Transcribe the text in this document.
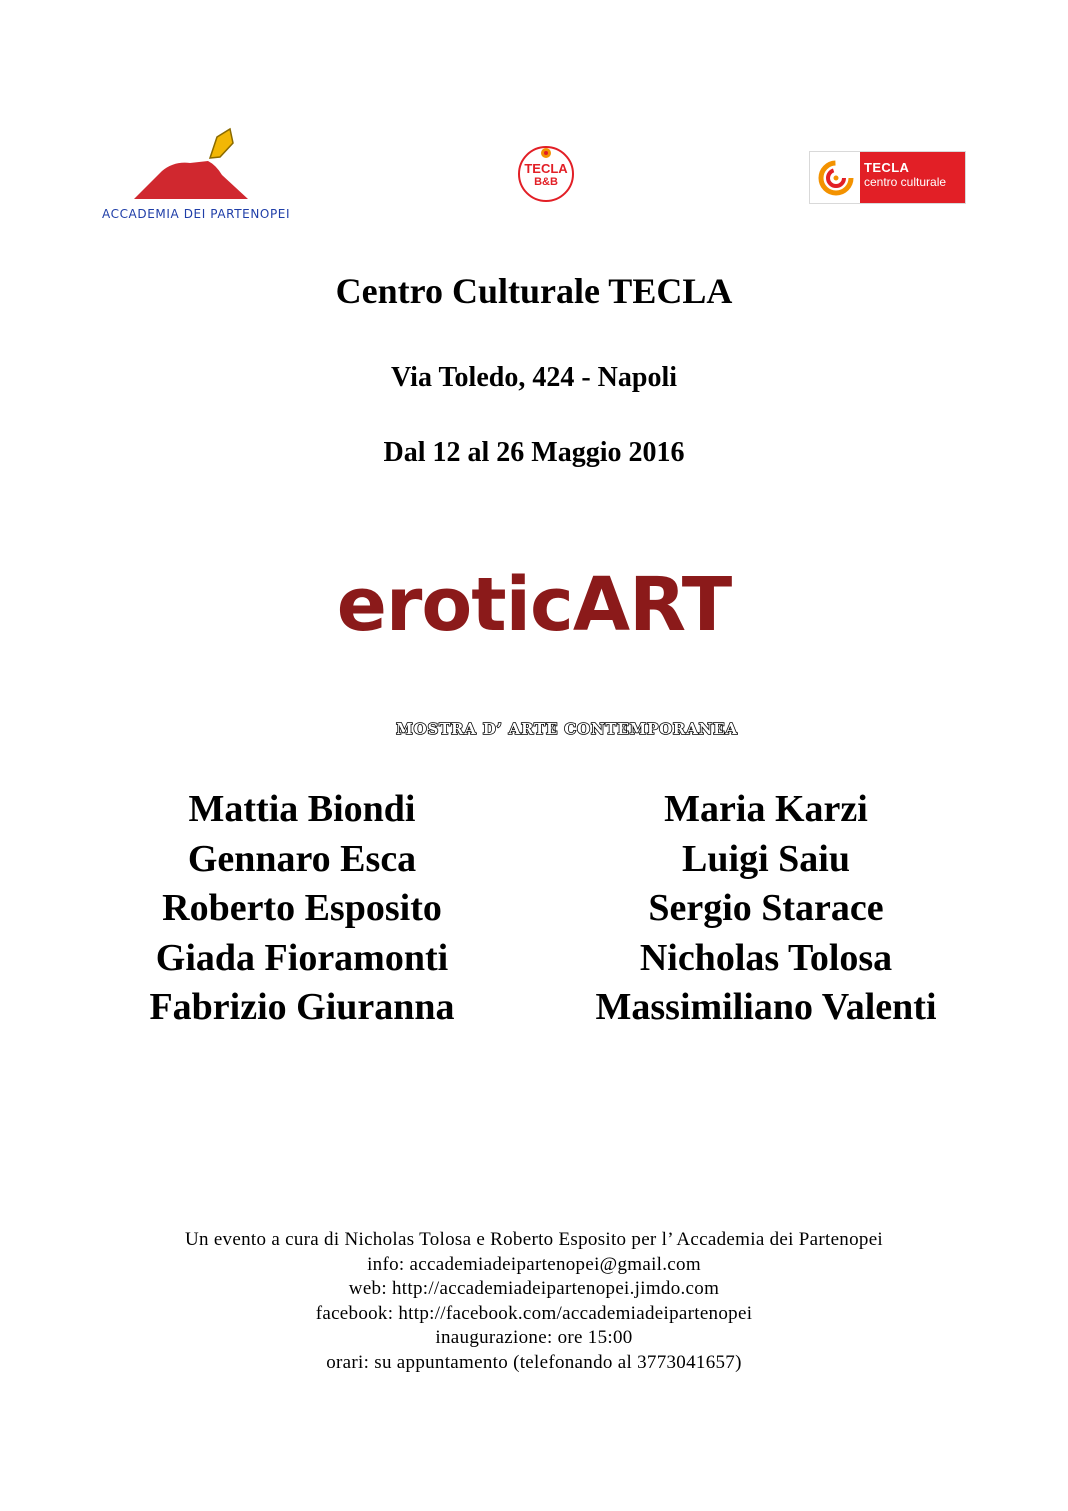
ACCADEMIA DEI PARTENOPEI
TECLA
B&B
TECLA
centro culturale
Centro Culturale TECLA
Via Toledo, 424 - Napoli
Dal 12 al 26 Maggio 2016
eroticART
MOSTRA D’ ARTE CONTEMPORANEA
Mattia Biondi
Gennaro Esca
Roberto Esposito
Giada Fioramonti
Fabrizio Giuranna
Maria Karzi
Luigi Saiu
Sergio Starace
Nicholas Tolosa
Massimiliano Valenti
Un evento a cura di Nicholas Tolosa e Roberto Esposito per l’ Accademia dei Partenopei
info: accademiadeipartenopei@gmail.com
web: http://accademiadeipartenopei.jimdo.com
facebook: http://facebook.com/accademiadeipartenopei
inaugurazione: ore 15:00
orari: su appuntamento (telefonando al 3773041657)
